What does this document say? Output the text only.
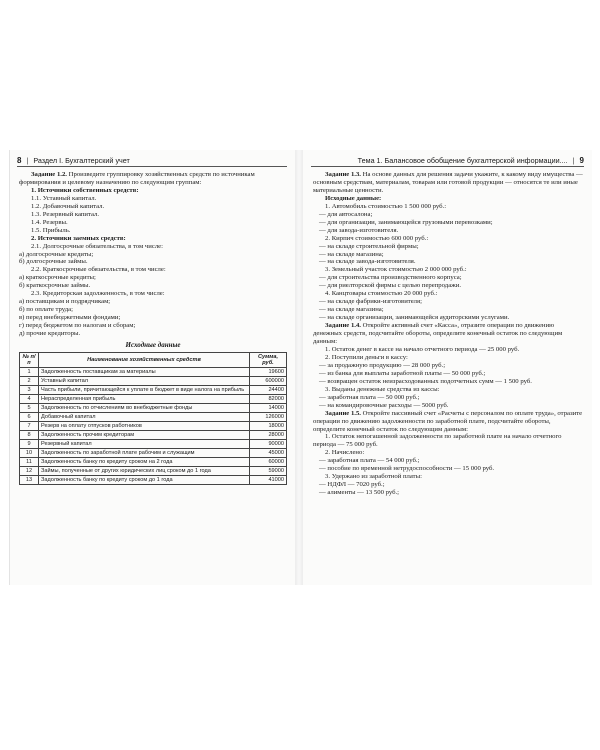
8 | Раздел I. Бухгалтерский учет

Задание 1.2. Произведите группировку хозяйственных средств по источникам формирования и целевому назначению по следующим группам:

1. Источники собственных средств:

1.1. Уставный капитал.

1.2. Добавочный капитал.

1.3. Резервный капитал.

1.4. Резервы.

1.5. Прибыль.

2. Источники заемных средств:

2.1. Долгосрочные обязательства, в том числе:

а) долгосрочные кредиты;

б) долгосрочные займы.

2.2. Краткосрочные обязательства, в том числе:

а) краткосрочные кредиты;

б) краткосрочные займы.

2.3. Кредиторская задолженность, в том числе:

а) поставщикам и подрядчикам;

б) по оплате труда;

в) перед внебюджетными фондами;

г) перед бюджетом по налогам и сборам;

д) прочие кредиторы.

Исходные данные

№ п/п	Наименование хозяйственных средств	Сумма, руб.
1	Задолженность поставщикам за материалы	19600
2	Уставный капитал	600000
3	Часть прибыли, причитающейся к уплате в бюджет в виде налога на прибыль	24400
4	Нераспределенная прибыль	82000
5	Задолженность по отчислениям во внебюджетные фонды	14000
6	Добавочный капитал	126000
7	Резерв на оплату отпусков работников	18000
8	Задолженность прочим кредиторам	28000
9	Резервный капитал	90000
10	Задолженность по заработной плате рабочим и служащим	45000
11	Задолженность банку по кредиту сроком на 2 года	60000
12	Займы, полученные от других юридических лиц сроком до 1 года	59000
13	Задолженность банку по кредиту сроком до 1 года	41000
Тема 1. Балансовое обобщение бухгалтерской информации.... | 9

Задание 1.3. На основе данных для решения задачи укажите, к какому виду имущества — основным средствам, материалам, товарам или готовой продукции — относятся те или иные материальные ценности.

Исходные данные:

1. Автомобиль стоимостью 1 500 000 руб.:

— для автосалона;

— для организации, занимающейся грузовыми перевозками;

— для завода-изготовителя.

2. Кирпич стоимостью 600 000 руб.:

— на складе строительной фирмы;

— на складе магазина;

— на складе завода-изготовителя.

3. Земельный участок стоимостью 2 000 000 руб.:

— для строительства производственного корпуса;

— для риелторской фирмы с целью перепродажи.

4. Канцтовары стоимостью 20 000 руб.:

— на складе фабрики-изготовителя;

— на складе магазина;

— на складе организации, занимающейся аудиторскими услугами.

Задание 1.4. Откройте активный счет «Касса», отразите операции по движению денежных средств, подсчитайте обороты, определите конечный остаток по следующим данным:

1. Остаток денег в кассе на начало отчетного периода — 25 000 руб.

2. Поступили деньги в кассу:

— за продажную продукцию — 28 000 руб.;

— из банка для выплаты заработной платы — 50 000 руб.;

— возвращен остаток неизрасходованных подотчетных сумм — 1 500 руб.

3. Выданы денежные средства из кассы:

— заработная плата — 50 000 руб.;

— на командировочные расходы — 5000 руб.

Задание 1.5. Откройте пассивный счет «Расчеты с персоналом по оплате труда», отразите операции по движению задолженности по заработной плате, подсчитайте обороты, определите конечный остаток по следующим данным:

1. Остаток непогашенной задолженности по заработной плате на начало отчетного периода — 75 000 руб.

2. Начислено:

— заработная плата — 54 000 руб.;

— пособие по временной нетрудоспособности — 15 000 руб.

3. Удержано из заработной платы:

— НДФЛ — 7020 руб.;

— алименты — 13 500 руб.;
